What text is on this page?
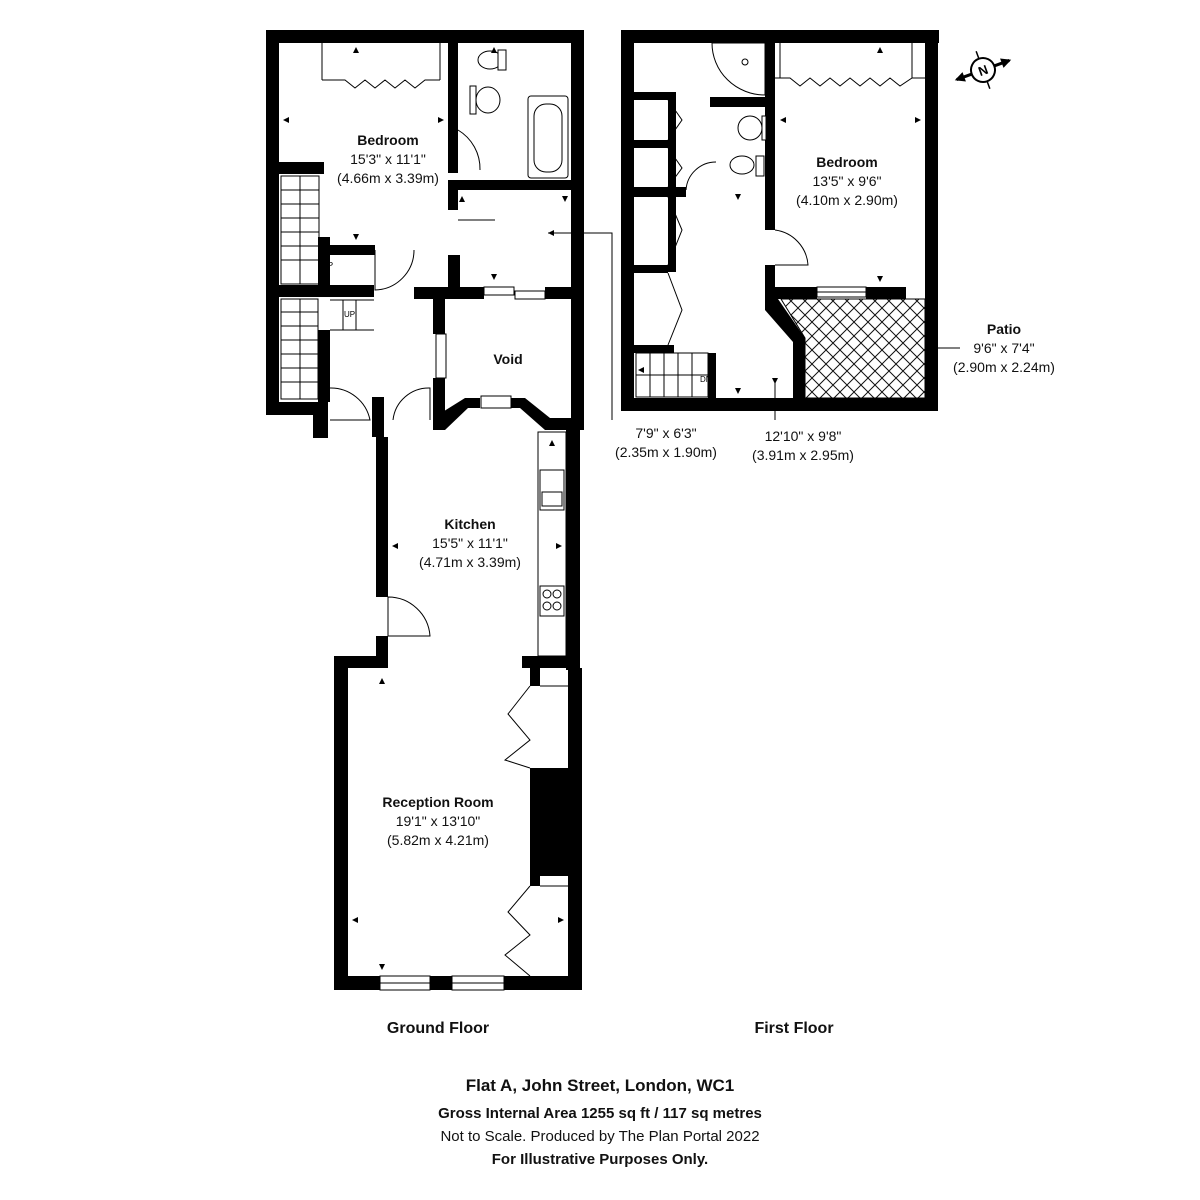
N
UP
UP
DN
Bedroom
15'3" x 11'1"
(4.66m x 3.39m)
Void
Kitchen
15'5" x 11'1"
(4.71m x 3.39m)
Reception Room
19'1" x 13'10"
(5.82m x 4.21m)
Bedroom
13'5" x 9'6"
(4.10m x 2.90m)
Patio
9'6" x 7'4"
(2.90m x 2.24m)
7'9" x 6'3"
(2.35m x 1.90m)
12'10" x 9'8"
(3.91m x 2.95m)
Ground Floor	First Floor
Flat A, John Street, London, WC1
Gross Internal Area 1255 sq ft / 117 sq metres
Not to Scale. Produced by The Plan Portal 2022
For Illustrative Purposes Only.
